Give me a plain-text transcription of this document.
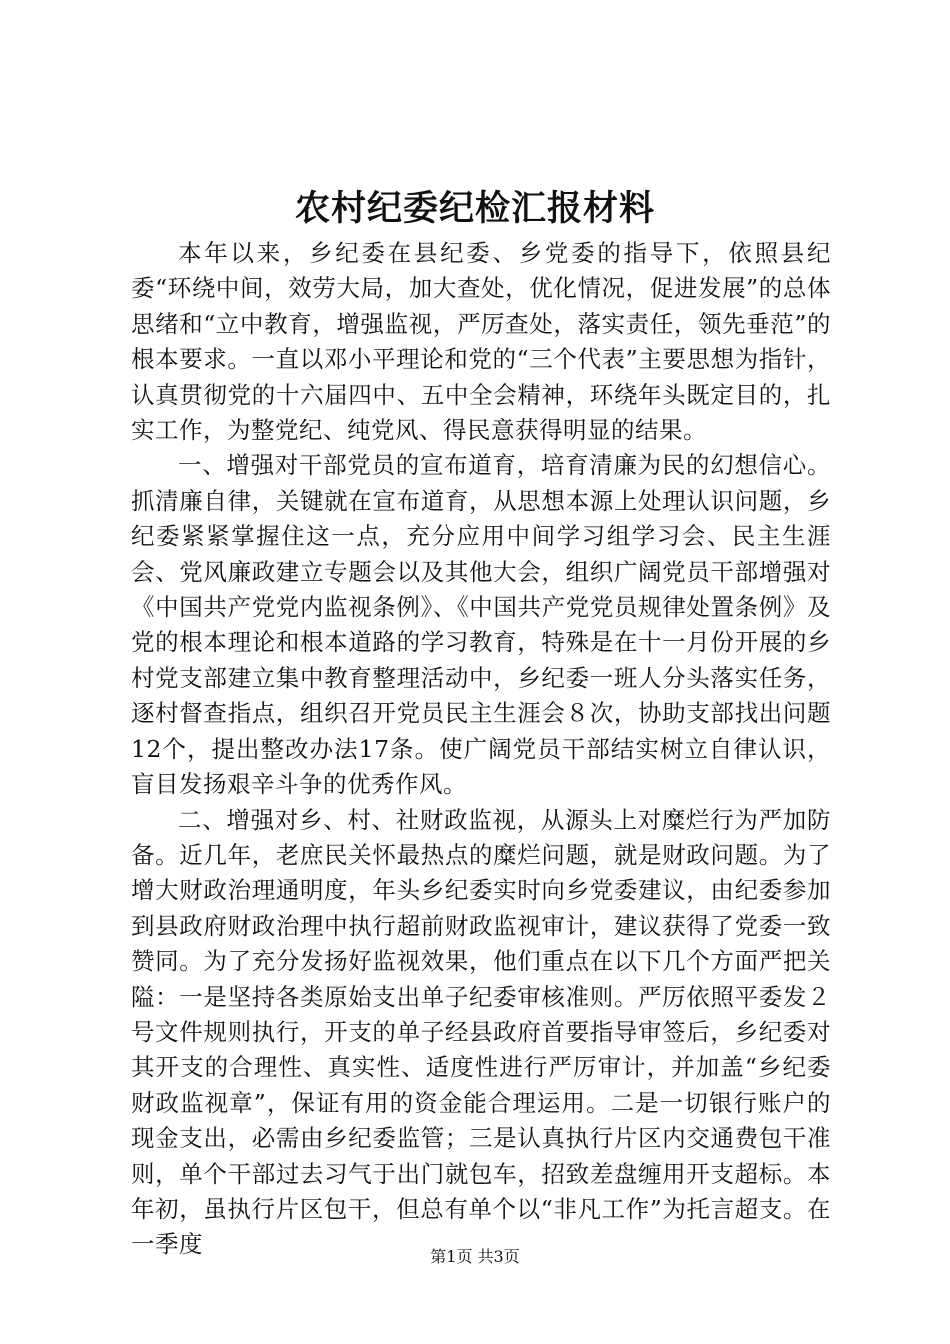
农村纪委纪检汇报材料

本年以来，乡纪委在县纪委、乡党委的指导下，依照县纪委“环绕中间，效劳大局，加大查处，优化情况，促进发展”的总体思绪和“立中教育，增强监视，严厉查处，落实责任，领先垂范”的根本要求。一直以邓小平理论和党的“三个代表”主要思想为指针，认真贯彻党的十六届四中、五中全会精神，环绕年头既定目的，扎实工作，为整党纪、纯党风、得民意获得明显的结果。

一、增强对干部党员的宣布道育，培育清廉为民的幻想信心。抓清廉自律，关键就在宣布道育，从思想本源上处理认识问题，乡纪委紧紧掌握住这一点，充分应用中间学习组学习会、民主生涯会、党风廉政建立专题会以及其他大会，组织广阔党员干部增强对《中国共产党党内监视条例》、《中国共产党党员规律处置条例》及党的根本理论和根本道路的学习教育，特殊是在十一月份开展的乡村党支部建立集中教育整理活动中，乡纪委一班人分头落实任务，逐村督查指点，组织召开党员民主生涯会８次，协助支部找出问题12个，提出整改办法17条。使广阔党员干部结实树立自律认识，盲目发扬艰辛斗争的优秀作风。

二、增强对乡、村、社财政监视，从源头上对糜烂行为严加防备。近几年，老庶民关怀最热点的糜烂问题，就是财政问题。为了增大财政治理通明度，年头乡纪委实时向乡党委建议，由纪委参加到县政府财政治理中执行超前财政监视审计，建议获得了党委一致赞同。为了充分发扬好监视效果，他们重点在以下几个方面严把关隘：一是坚持各类原始支出单子纪委审核准则。严厉依照平委发２号文件规则执行，开支的单子经县政府首要指导审签后，乡纪委对其开支的合理性、真实性、适度性进行严厉审计，并加盖“乡纪委财政监视章”，保证有用的资金能合理运用。二是一切银行账户的现金支出，必需由乡纪委监管；三是认真执行片区内交通费包干准则，单个干部过去习气于出门就包车，招致差盘缠用开支超标。本年初，虽执行片区包干，但总有单个以“非凡工作”为托言超支。在一季度	第1页 共3页
